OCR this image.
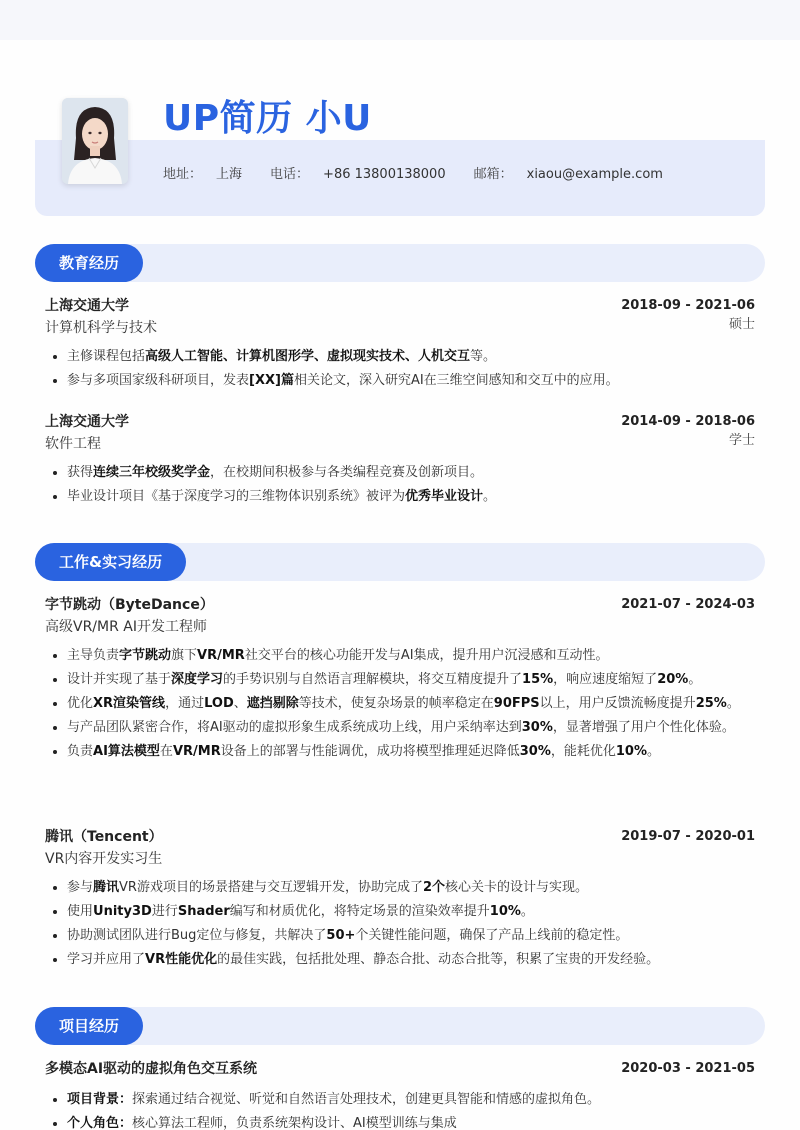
UP简历 小U
地址： 上海 电话： +86 13800138000 邮箱： xiaou@example.com
教育经历
上海交通大学	2018-09 - 2021-06
计算机科学与技术	硕士
• 主修课程包括高级人工智能、计算机图形学、虚拟现实技术、人机交互等。
• 参与多项国家级科研项目，发表[XX]篇相关论文，深入研究AI在三维空间感知和交互中的应用。
上海交通大学	2014-09 - 2018-06
软件工程	学士
• 获得连续三年校级奖学金，在校期间积极参与各类编程竞赛及创新项目。
• 毕业设计项目《基于深度学习的三维物体识别系统》被评为优秀毕业设计。
工作&实习经历
字节跳动（ByteDance）	2021-07 - 2024-03
高级VR/MR AI开发工程师
• 主导负责字节跳动旗下VR/MR社交平台的核心功能开发与AI集成，提升用户沉浸感和互动性。
• 设计并实现了基于深度学习的手势识别与自然语言理解模块，将交互精度提升了15%，响应速度缩短了20%。
• 优化XR渲染管线，通过LOD、遮挡剔除等技术，使复杂场景的帧率稳定在90FPS以上，用户反馈流畅度提升25%。
• 与产品团队紧密合作，将AI驱动的虚拟形象生成系统成功上线，用户采纳率达到30%，显著增强了用户个性化体验。
• 负责AI算法模型在VR/MR设备上的部署与性能调优，成功将模型推理延迟降低30%，能耗优化10%。
腾讯（Tencent）	2019-07 - 2020-01
VR内容开发实习生
• 参与腾讯VR游戏项目的场景搭建与交互逻辑开发，协助完成了2个核心关卡的设计与实现。
• 使用Unity3D进行Shader编写和材质优化，将特定场景的渲染效率提升10%。
• 协助测试团队进行Bug定位与修复，共解决了50+个关键性能问题，确保了产品上线前的稳定性。
• 学习并应用了VR性能优化的最佳实践，包括批处理、静态合批、动态合批等，积累了宝贵的开发经验。
项目经历
多模态AI驱动的虚拟角色交互系统	2020-03 - 2021-05
• 项目背景：探索通过结合视觉、听觉和自然语言处理技术，创建更具智能和情感的虚拟角色。
• 个人角色：核心算法工程师，负责系统架构设计、AI模型训练与集成
